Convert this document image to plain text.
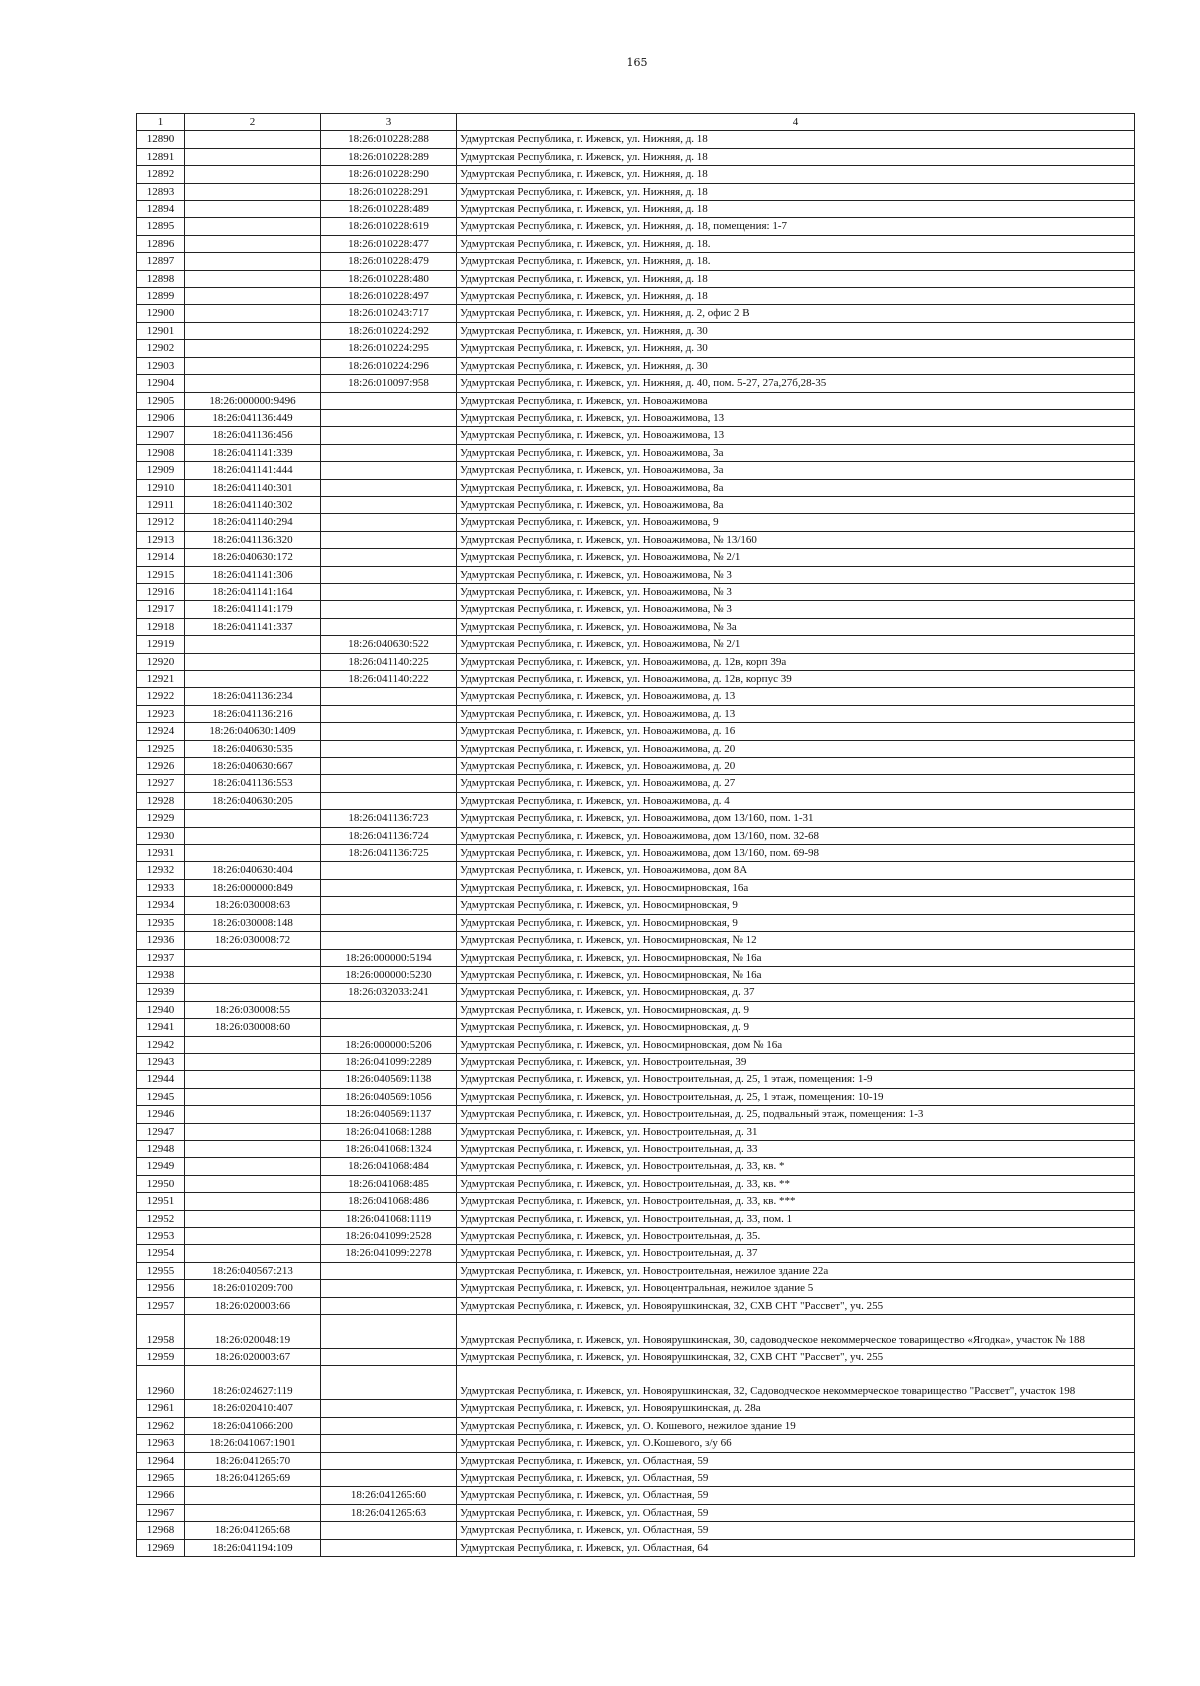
165
1	2	3	4
12890		18:26:010228:288	Удмуртская Республика, г. Ижевск, ул. Нижняя, д. 18
12891		18:26:010228:289	Удмуртская Республика, г. Ижевск, ул. Нижняя, д. 18
12892		18:26:010228:290	Удмуртская Республика, г. Ижевск, ул. Нижняя, д. 18
12893		18:26:010228:291	Удмуртская Республика, г. Ижевск, ул. Нижняя, д. 18
12894		18:26:010228:489	Удмуртская Республика, г. Ижевск, ул. Нижняя, д. 18
12895		18:26:010228:619	Удмуртская Республика, г. Ижевск, ул. Нижняя, д. 18, помещения: 1-7
12896		18:26:010228:477	Удмуртская Республика, г. Ижевск, ул. Нижняя, д. 18.
12897		18:26:010228:479	Удмуртская Республика, г. Ижевск, ул. Нижняя, д. 18.
12898		18:26:010228:480	Удмуртская Республика, г. Ижевск, ул. Нижняя, д. 18
12899		18:26:010228:497	Удмуртская Республика, г. Ижевск, ул. Нижняя, д. 18
12900		18:26:010243:717	Удмуртская Республика, г. Ижевск, ул. Нижняя, д. 2, офис 2 В
12901		18:26:010224:292	Удмуртская Республика, г. Ижевск, ул. Нижняя, д. 30
12902		18:26:010224:295	Удмуртская Республика, г. Ижевск, ул. Нижняя, д. 30
12903		18:26:010224:296	Удмуртская Республика, г. Ижевск, ул. Нижняя, д. 30
12904		18:26:010097:958	Удмуртская Республика, г. Ижевск, ул. Нижняя, д. 40, пом. 5-27, 27а,27б,28-35
12905	18:26:000000:9496		Удмуртская Республика, г. Ижевск, ул. Новоажимова
12906	18:26:041136:449		Удмуртская Республика, г. Ижевск, ул. Новоажимова, 13
12907	18:26:041136:456		Удмуртская Республика, г. Ижевск, ул. Новоажимова, 13
12908	18:26:041141:339		Удмуртская Республика, г. Ижевск, ул. Новоажимова, 3а
12909	18:26:041141:444		Удмуртская Республика, г. Ижевск, ул. Новоажимова, 3а
12910	18:26:041140:301		Удмуртская Республика, г. Ижевск, ул. Новоажимова, 8а
12911	18:26:041140:302		Удмуртская Республика, г. Ижевск, ул. Новоажимова, 8а
12912	18:26:041140:294		Удмуртская Республика, г. Ижевск, ул. Новоажимова, 9
12913	18:26:041136:320		Удмуртская Республика, г. Ижевск, ул. Новоажимова, № 13/160
12914	18:26:040630:172		Удмуртская Республика, г. Ижевск, ул. Новоажимова, № 2/1
12915	18:26:041141:306		Удмуртская Республика, г. Ижевск, ул. Новоажимова, № 3
12916	18:26:041141:164		Удмуртская Республика, г. Ижевск, ул. Новоажимова, № 3
12917	18:26:041141:179		Удмуртская Республика, г. Ижевск, ул. Новоажимова, № 3
12918	18:26:041141:337		Удмуртская Республика, г. Ижевск, ул. Новоажимова, № 3а
12919		18:26:040630:522	Удмуртская Республика, г. Ижевск, ул. Новоажимова, № 2/1
12920		18:26:041140:225	Удмуртская Республика, г. Ижевск, ул. Новоажимова, д. 12в, корп 39а
12921		18:26:041140:222	Удмуртская Республика, г. Ижевск, ул. Новоажимова, д. 12в, корпус 39
12922	18:26:041136:234		Удмуртская Республика, г. Ижевск, ул. Новоажимова, д. 13
12923	18:26:041136:216		Удмуртская Республика, г. Ижевск, ул. Новоажимова, д. 13
12924	18:26:040630:1409		Удмуртская Республика, г. Ижевск, ул. Новоажимова, д. 16
12925	18:26:040630:535		Удмуртская Республика, г. Ижевск, ул. Новоажимова, д. 20
12926	18:26:040630:667		Удмуртская Республика, г. Ижевск, ул. Новоажимова, д. 20
12927	18:26:041136:553		Удмуртская Республика, г. Ижевск, ул. Новоажимова, д. 27
12928	18:26:040630:205		Удмуртская Республика, г. Ижевск, ул. Новоажимова, д. 4
12929		18:26:041136:723	Удмуртская Республика, г. Ижевск, ул. Новоажимова, дом 13/160, пом. 1-31
12930		18:26:041136:724	Удмуртская Республика, г. Ижевск, ул. Новоажимова, дом 13/160, пом. 32-68
12931		18:26:041136:725	Удмуртская Республика, г. Ижевск, ул. Новоажимова, дом 13/160, пом. 69-98
12932	18:26:040630:404		Удмуртская Республика, г. Ижевск, ул. Новоажимова, дом 8А
12933	18:26:000000:849		Удмуртская Республика, г. Ижевск, ул. Новосмирновская, 16а
12934	18:26:030008:63		Удмуртская Республика, г. Ижевск, ул. Новосмирновская, 9
12935	18:26:030008:148		Удмуртская Республика, г. Ижевск, ул. Новосмирновская, 9
12936	18:26:030008:72		Удмуртская Республика, г. Ижевск, ул. Новосмирновская, № 12
12937		18:26:000000:5194	Удмуртская Республика, г. Ижевск, ул. Новосмирновская, № 16а
12938		18:26:000000:5230	Удмуртская Республика, г. Ижевск, ул. Новосмирновская, № 16а
12939		18:26:032033:241	Удмуртская Республика, г. Ижевск, ул. Новосмирновская, д. 37
12940	18:26:030008:55		Удмуртская Республика, г. Ижевск, ул. Новосмирновская, д. 9
12941	18:26:030008:60		Удмуртская Республика, г. Ижевск, ул. Новосмирновская, д. 9
12942		18:26:000000:5206	Удмуртская Республика, г. Ижевск, ул. Новосмирновская, дом № 16а
12943		18:26:041099:2289	Удмуртская Республика, г. Ижевск, ул. Новостроительная, 39
12944		18:26:040569:1138	Удмуртская Республика, г. Ижевск, ул. Новостроительная, д. 25, 1 этаж, помещения: 1-9
12945		18:26:040569:1056	Удмуртская Республика, г. Ижевск, ул. Новостроительная, д. 25, 1 этаж, помещения: 10-19
12946		18:26:040569:1137	Удмуртская Республика, г. Ижевск, ул. Новостроительная, д. 25, подвальный этаж, помещения: 1-3
12947		18:26:041068:1288	Удмуртская Республика, г. Ижевск, ул. Новостроительная, д. 31
12948		18:26:041068:1324	Удмуртская Республика, г. Ижевск, ул. Новостроительная, д. 33
12949		18:26:041068:484	Удмуртская Республика, г. Ижевск, ул. Новостроительная, д. 33, кв. *
12950		18:26:041068:485	Удмуртская Республика, г. Ижевск, ул. Новостроительная, д. 33, кв. **
12951		18:26:041068:486	Удмуртская Республика, г. Ижевск, ул. Новостроительная, д. 33, кв. ***
12952		18:26:041068:1119	Удмуртская Республика, г. Ижевск, ул. Новостроительная, д. 33, пом. 1
12953		18:26:041099:2528	Удмуртская Республика, г. Ижевск, ул. Новостроительная, д. 35.
12954		18:26:041099:2278	Удмуртская Республика, г. Ижевск, ул. Новостроительная, д. 37
12955	18:26:040567:213		Удмуртская Республика, г. Ижевск, ул. Новостроительная, нежилое здание 22а
12956	18:26:010209:700		Удмуртская Республика, г. Ижевск, ул. Новоцентральная, нежилое здание 5
12957	18:26:020003:66		Удмуртская Республика, г. Ижевск, ул. Новоярушкинская, 32, СХВ СНТ "Рассвет", уч. 255
12958	18:26:020048:19		Удмуртская Республика, г. Ижевск, ул. Новоярушкинская, 30, садоводческое некоммерческое товарищество «Ягодка», участок № 188
12959	18:26:020003:67		Удмуртская Республика, г. Ижевск, ул. Новоярушкинская, 32, СХВ СНТ "Рассвет", уч. 255
12960	18:26:024627:119		Удмуртская Республика, г. Ижевск, ул. Новоярушкинская, 32, Садоводческое некоммерческое товарищество "Рассвет", участок 198
12961	18:26:020410:407		Удмуртская Республика, г. Ижевск, ул. Новоярушкинская, д. 28а
12962	18:26:041066:200		Удмуртская Республика, г. Ижевск, ул. О. Кошевого, нежилое здание 19
12963	18:26:041067:1901		Удмуртская Республика, г. Ижевск, ул. О.Кошевого, з/у 66
12964	18:26:041265:70		Удмуртская Республика, г. Ижевск, ул. Областная, 59
12965	18:26:041265:69		Удмуртская Республика, г. Ижевск, ул. Областная, 59
12966		18:26:041265:60	Удмуртская Республика, г. Ижевск, ул. Областная, 59
12967		18:26:041265:63	Удмуртская Республика, г. Ижевск, ул. Областная, 59
12968	18:26:041265:68		Удмуртская Республика, г. Ижевск, ул. Областная, 59
12969	18:26:041194:109		Удмуртская Республика, г. Ижевск, ул. Областная, 64
